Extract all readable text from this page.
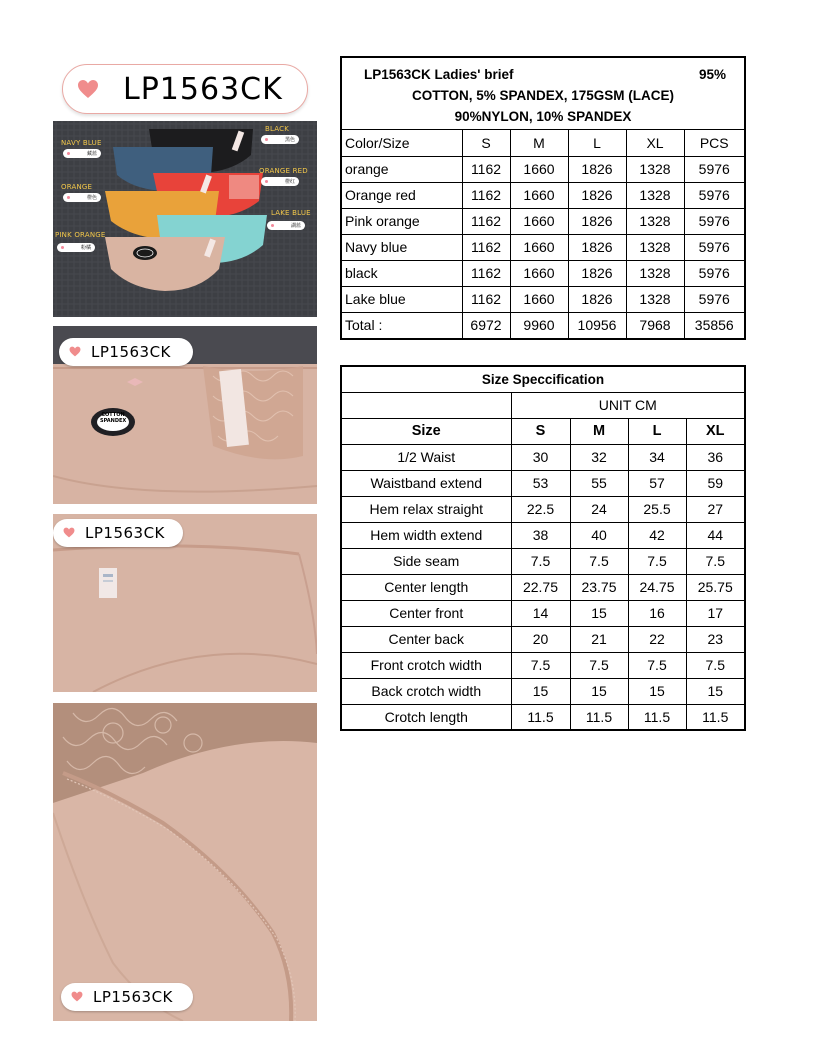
LP1563CK
NAVY BLUE
藏蓝
BLACK
黑色
ORANGE
橙色
ORANGE RED
橙红
LAKE BLUE
湖蓝
PINK ORANGE
粉橘
LP1563CK
COTTON
SPANDEX
LP1563CK
LP1563CK
LP1563CK Ladies' brief	95%
COTTON, 5% SPANDEX, 175GSM (LACE)
90%NYLON, 10% SPANDEX
Color/Size	S	M	L	XL	PCS
orange	1162	1660	1826	1328	5976
Orange red	1162	1660	1826	1328	5976
Pink orange	1162	1660	1826	1328	5976
Navy blue	1162	1660	1826	1328	5976
black	1162	1660	1826	1328	5976
Lake blue	1162	1660	1826	1328	5976
Total :	6972	9960	10956	7968	35856
Size Speccification				
	UNIT CM			
Size	S	M	L	XL
1/2 Waist	30	32	34	36
Waistband extend	53	55	57	59
Hem relax straight	22.5	24	25.5	27
Hem width extend	38	40	42	44
Side seam	7.5	7.5	7.5	7.5
Center length	22.75	23.75	24.75	25.75
Center front	14	15	16	17
Center back	20	21	22	23
Front crotch width	7.5	7.5	7.5	7.5
Back crotch width	15	15	15	15
Crotch length	11.5	11.5	11.5	11.5
